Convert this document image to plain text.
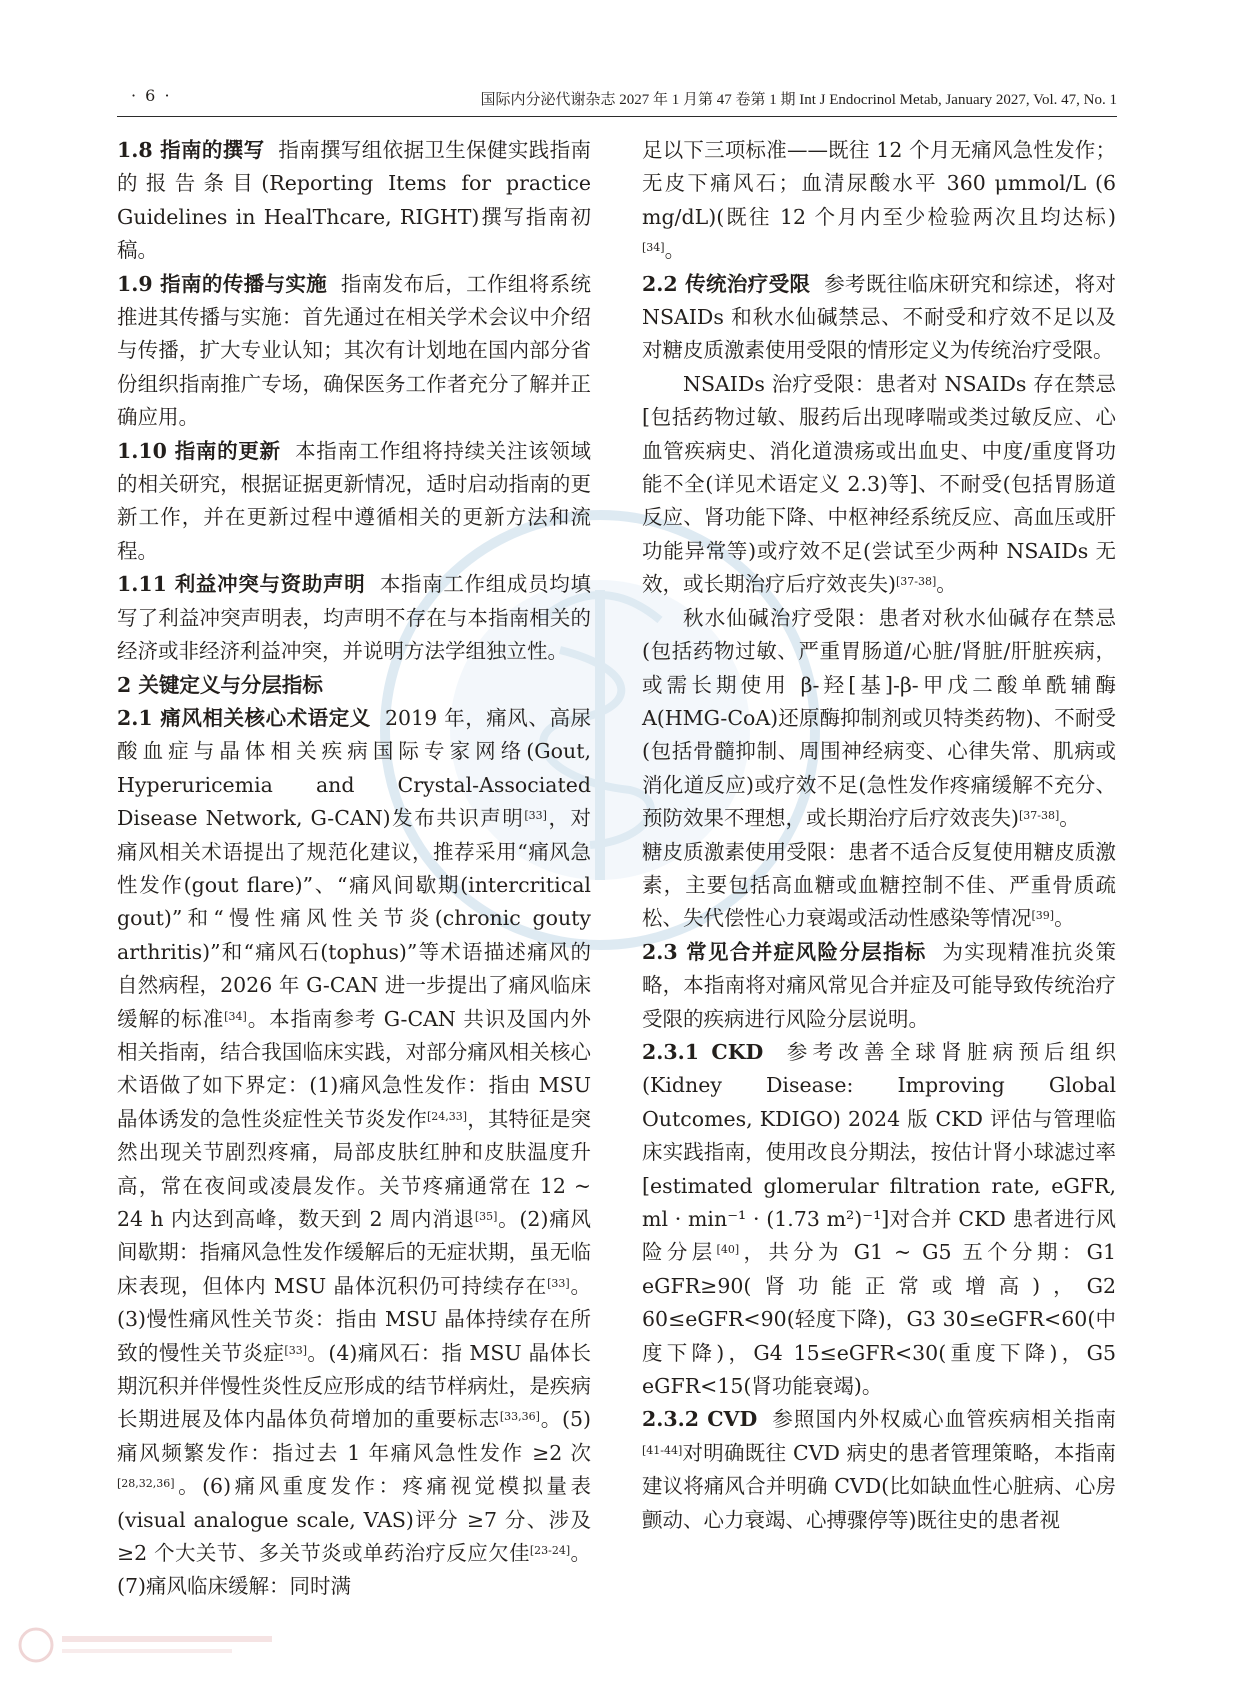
· 6 ·	国际内分泌代谢杂志 2027 年 1 月第 47 卷第 1 期 Int J Endocrinol Metab, January 2027, Vol. 47, No. 1

1.8 指南的撰写 指南撰写组依据卫生保健实践指南的报告条目(Reporting Items for practice Guidelines in HealThcare, RIGHT)撰写指南初稿。

1.9 指南的传播与实施 指南发布后，工作组将系统推进其传播与实施：首先通过在相关学术会议中介绍与传播，扩大专业认知；其次有计划地在国内部分省份组织指南推广专场，确保医务工作者充分了解并正确应用。

1.10 指南的更新 本指南工作组将持续关注该领域的相关研究，根据证据更新情况，适时启动指南的更新工作，并在更新过程中遵循相关的更新方法和流程。

1.11 利益冲突与资助声明 本指南工作组成员均填写了利益冲突声明表，均声明不存在与本指南相关的经济或非经济利益冲突，并说明方法学组独立性。

2 关键定义与分层指标

2.1 痛风相关核心术语定义 2019 年，痛风、高尿酸血症与晶体相关疾病国际专家网络(Gout, Hyperuricemia and Crystal-Associated Disease Network, G-CAN)发布共识声明[33]，对痛风相关术语提出了规范化建议，推荐采用“痛风急性发作(gout flare)”、“痛风间歇期(intercritical gout)”和“慢性痛风性关节炎(chronic gouty arthritis)”和“痛风石(tophus)”等术语描述痛风的自然病程，2026 年 G-CAN 进一步提出了痛风临床缓解的标准[34]。本指南参考 G-CAN 共识及国内外相关指南，结合我国临床实践，对部分痛风相关核心术语做了如下界定：(1)痛风急性发作：指由 MSU 晶体诱发的急性炎症性关节炎发作[24,33]，其特征是突然出现关节剧烈疼痛，局部皮肤红肿和皮肤温度升高，常在夜间或凌晨发作。关节疼痛通常在 12 ~ 24 h 内达到高峰，数天到 2 周内消退[35]。(2)痛风间歇期：指痛风急性发作缓解后的无症状期，虽无临床表现，但体内 MSU 晶体沉积仍可持续存在[33]。(3)慢性痛风性关节炎：指由 MSU 晶体持续存在所致的慢性关节炎症[33]。(4)痛风石：指 MSU 晶体长期沉积并伴慢性炎性反应形成的结节样病灶，是疾病长期进展及体内晶体负荷增加的重要标志[33,36]。(5)痛风频繁发作：指过去 1 年痛风急性发作 ≥2 次[28,32,36]。(6)痛风重度发作：疼痛视觉模拟量表(visual analogue scale, VAS)评分 ≥7 分、涉及 ≥2 个大关节、多关节炎或单药治疗反应欠佳[23-24]。(7)痛风临床缓解：同时满

足以下三项标准——既往 12 个月无痛风急性发作；无皮下痛风石；血清尿酸水平 360 μmmol/L (6 mg/dL)(既往 12 个月内至少检验两次且均达标)[34]。

2.2 传统治疗受限 参考既往临床研究和综述，将对 NSAIDs 和秋水仙碱禁忌、不耐受和疗效不足以及对糖皮质激素使用受限的情形定义为传统治疗受限。

NSAIDs 治疗受限：患者对 NSAIDs 存在禁忌[包括药物过敏、服药后出现哮喘或类过敏反应、心血管疾病史、消化道溃疡或出血史、中度/重度肾功能不全(详见术语定义 2.3)等]、不耐受(包括胃肠道反应、肾功能下降、中枢神经系统反应、高血压或肝功能异常等)或疗效不足(尝试至少两种 NSAIDs 无效，或长期治疗后疗效丧失)[37-38]。

秋水仙碱治疗受限：患者对秋水仙碱存在禁忌(包括药物过敏、严重胃肠道/心脏/肾脏/肝脏疾病，或需长期使用 β-羟[基]-β-甲戊二酸单酰辅酶 A(HMG-CoA)还原酶抑制剂或贝特类药物)、不耐受(包括骨髓抑制、周围神经病变、心律失常、肌病或消化道反应)或疗效不足(急性发作疼痛缓解不充分、预防效果不理想，或长期治疗后疗效丧失)[37-38]。

糖皮质激素使用受限：患者不适合反复使用糖皮质激素，主要包括高血糖或血糖控制不佳、严重骨质疏松、失代偿性心力衰竭或活动性感染等情况[39]。

2.3 常见合并症风险分层指标 为实现精准抗炎策略，本指南将对痛风常见合并症及可能导致传统治疗受限的疾病进行风险分层说明。

2.3.1 CKD 参考改善全球肾脏病预后组织(Kidney Disease: Improving Global Outcomes, KDIGO) 2024 版 CKD 评估与管理临床实践指南，使用改良分期法，按估计肾小球滤过率[estimated glomerular filtration rate, eGFR, ml · min⁻¹ · (1.73 m²)⁻¹]对合并 CKD 患者进行风险分层[40]，共分为 G1 ~ G5 五个分期：G1 eGFR≥90(肾功能正常或增高)，G2 60≤eGFR<90(轻度下降)，G3 30≤eGFR<60(中度下降)，G4 15≤eGFR<30(重度下降)，G5 eGFR<15(肾功能衰竭)。

2.3.2 CVD 参照国内外权威心血管疾病相关指南[41-44]对明确既往 CVD 病史的患者管理策略，本指南建议将痛风合并明确 CVD(比如缺血性心脏病、心房颤动、心力衰竭、心搏骤停等)既往史的患者视
